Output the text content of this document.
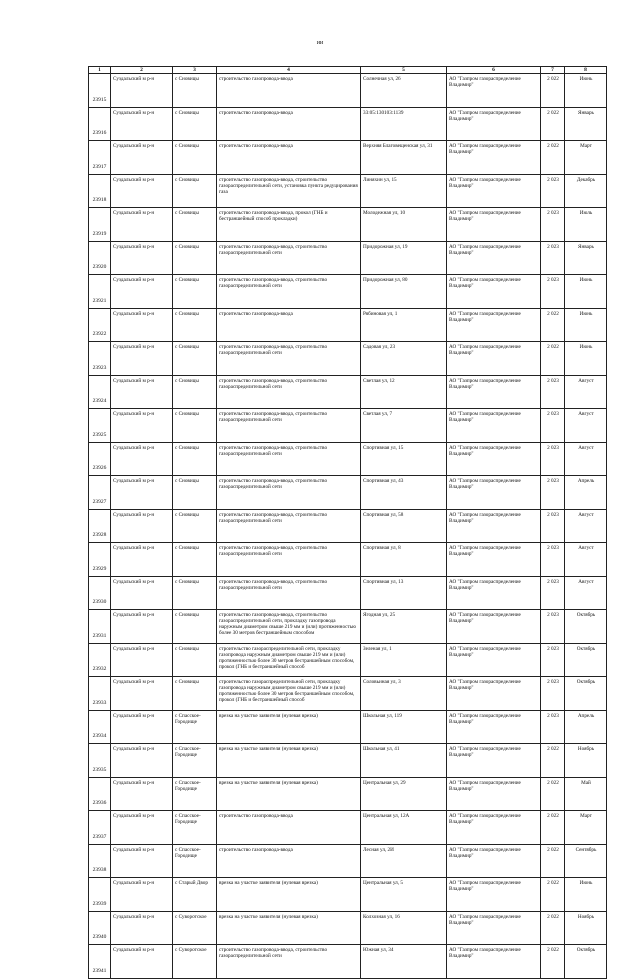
ии
1	2	3	4	5	6	7	8
23915	Суздальский м р-н	с Сновицы	строительство газопровода-ввода	Солнечная ул, 26	АО "Газпром газораспределение Владимир"	2 022	Июнь
23916	Суздальский м р-н	с Сновицы	строительство газопровода-ввода	33:05:130103:1139	АО "Газпром газораспределение Владимир"	2 022	Январь
23917	Суздальский м р-н	с Сновицы	строительство газопровода-ввода	Верхняя Благовещенская ул, 31	АО "Газпром газораспределение Владимир"	2 022	Март
23918	Суздальский м р-н	с Сновицы	строительство газопровода-ввода, строительство газораспределительной сети, установка пункта редуцирования газа	Линяхин ул, 15	АО "Газпром газораспределение Владимир"	2 023	Декабрь
23919	Суздальский м р-н	с Сновицы	строительство газопровода-ввода, прокол (ГНБ и бестраншейный способ прокладки)	Молодежная ул, 10	АО "Газпром газораспределение Владимир"	2 023	Июль
23920	Суздальский м р-н	с Сновицы	строительство газопровода-ввода, строительство газораспределительной сети	Придорожная ул, 19	АО "Газпром газораспределение Владимир"	2 023	Январь
23921	Суздальский м р-н	с Сновицы	строительство газопровода-ввода, строительство газораспределительной сети	Придорожная ул, 80	АО "Газпром газораспределение Владимир"	2 023	Июнь
23922	Суздальский м р-н	с Сновицы	строительство газопровода-ввода	Рябиновая ул, 1	АО "Газпром газораспределение Владимир"	2 022	Июнь
23923	Суздальский м р-н	с Сновицы	строительство газопровода-ввода, строительство газораспределительной сети	Садовая ул, 23	АО "Газпром газораспределение Владимир"	2 022	Июнь
23924	Суздальский м р-н	с Сновицы	строительство газопровода-ввода, строительство газораспределительной сети	Светлая ул, 12	АО "Газпром газораспределение Владимир"	2 023	Август
23925	Суздальский м р-н	с Сновицы	строительство газопровода-ввода, строительство газораспределительной сети	Светлая ул, 7	АО "Газпром газораспределение Владимир"	2 023	Август
23926	Суздальский м р-н	с Сновицы	строительство газопровода-ввода, строительство газораспределительной сети	Спортивная ул, 15	АО "Газпром газораспределение Владимир"	2 023	Август
23927	Суздальский м р-н	с Сновицы	строительство газопровода-ввода, строительство газораспределительной сети	Спортивная ул, 43	АО "Газпром газораспределение Владимир"	2 023	Апрель
23928	Суздальский м р-н	с Сновицы	строительство газопровода-ввода, строительство газораспределительной сети	Спортивная ул, 58	АО "Газпром газораспределение Владимир"	2 023	Август
23929	Суздальский м р-н	с Сновицы	строительство газопровода-ввода, строительство газораспределительной сети	Спортивная ул, 8	АО "Газпром газораспределение Владимир"	2 023	Август
23930	Суздальский м р-н	с Сновицы	строительство газопровода-ввода, строительство газораспределительной сети	Спортивная ул, 13	АО "Газпром газораспределение Владимир"	2 023	Август
23931	Суздальский м р-н	с Сновицы	строительство газопровода-ввода, строительство газораспределительной сети, прокладку газопровода наружным диаметром свыше 219 мм и (или) протяженностью более 30 метров бестраншейным способом	Ягодная ул, 25	АО "Газпром газораспределение Владимир"	2 023	Октябрь
23932	Суздальский м р-н	с Сновицы	строительство газораспределительной сети, прокладку газопровода наружным диаметром свыше 219 мм и (или) протяженностью более 30 метров бестраншейным способом, прокол (ГНБ и бестраншейный способ	Зеленая ул, 1	АО "Газпром газораспределение Владимир"	2 023	Октябрь
23933	Суздальский м р-н	с Сновицы	строительство газораспределительной сети, прокладку газопровода наружным диаметром свыше 219 мм и (или) протяженностью более 30 метров бестраншейным способом, прокол (ГНБ и бестраншейный способ	Соловьиная ул, 3	АО "Газпром газораспределение Владимир"	2 023	Октябрь
23934	Суздальский м р-н	с Спасское-Городище	врезка на участке заявителя (нулевая врезка)	Школьная ул, 119	АО "Газпром газораспределение Владимир"	2 023	Апрель
23935	Суздальский м р-н	с Спасское-Городище	врезка на участке заявителя (нулевая врезка)	Школьная ул, 41	АО "Газпром газораспределение Владимир"	2 022	Ноябрь
23936	Суздальский м р-н	с Спасское-Городище	врезка на участке заявителя (нулевая врезка)	Центральная ул, 29	АО "Газпром газораспределение Владимир"	2 022	Май
23937	Суздальский м р-н	с Спасское-Городище	строительство газопровода-ввода	Центральная ул, 12А	АО "Газпром газораспределение Владимир"	2 022	Март
23938	Суздальский м р-н	с Спасское-Городище	строительство газопровода-ввода	Лесная ул, 2И	АО "Газпром газораспределение Владимир"	2 022	Сентябрь
23939	Суздальский м р-н	с Старый Двор	врезка на участке заявителя (нулевая врезка)	Центральная ул, 5	АО "Газпром газораспределение Владимир"	2 022	Июнь
23940	Суздальский м р-н	с Суворотское	врезка на участке заявителя (нулевая врезка)	Колхозная ул, 16	АО "Газпром газораспределение Владимир"	2 022	Ноябрь
23941	Суздальский м р-н	с Суворотское	строительство газопровода-ввода, строительство газораспределительной сети	Южная ул, 34	АО "Газпром газораспределение Владимир"	2 022	Октябрь
